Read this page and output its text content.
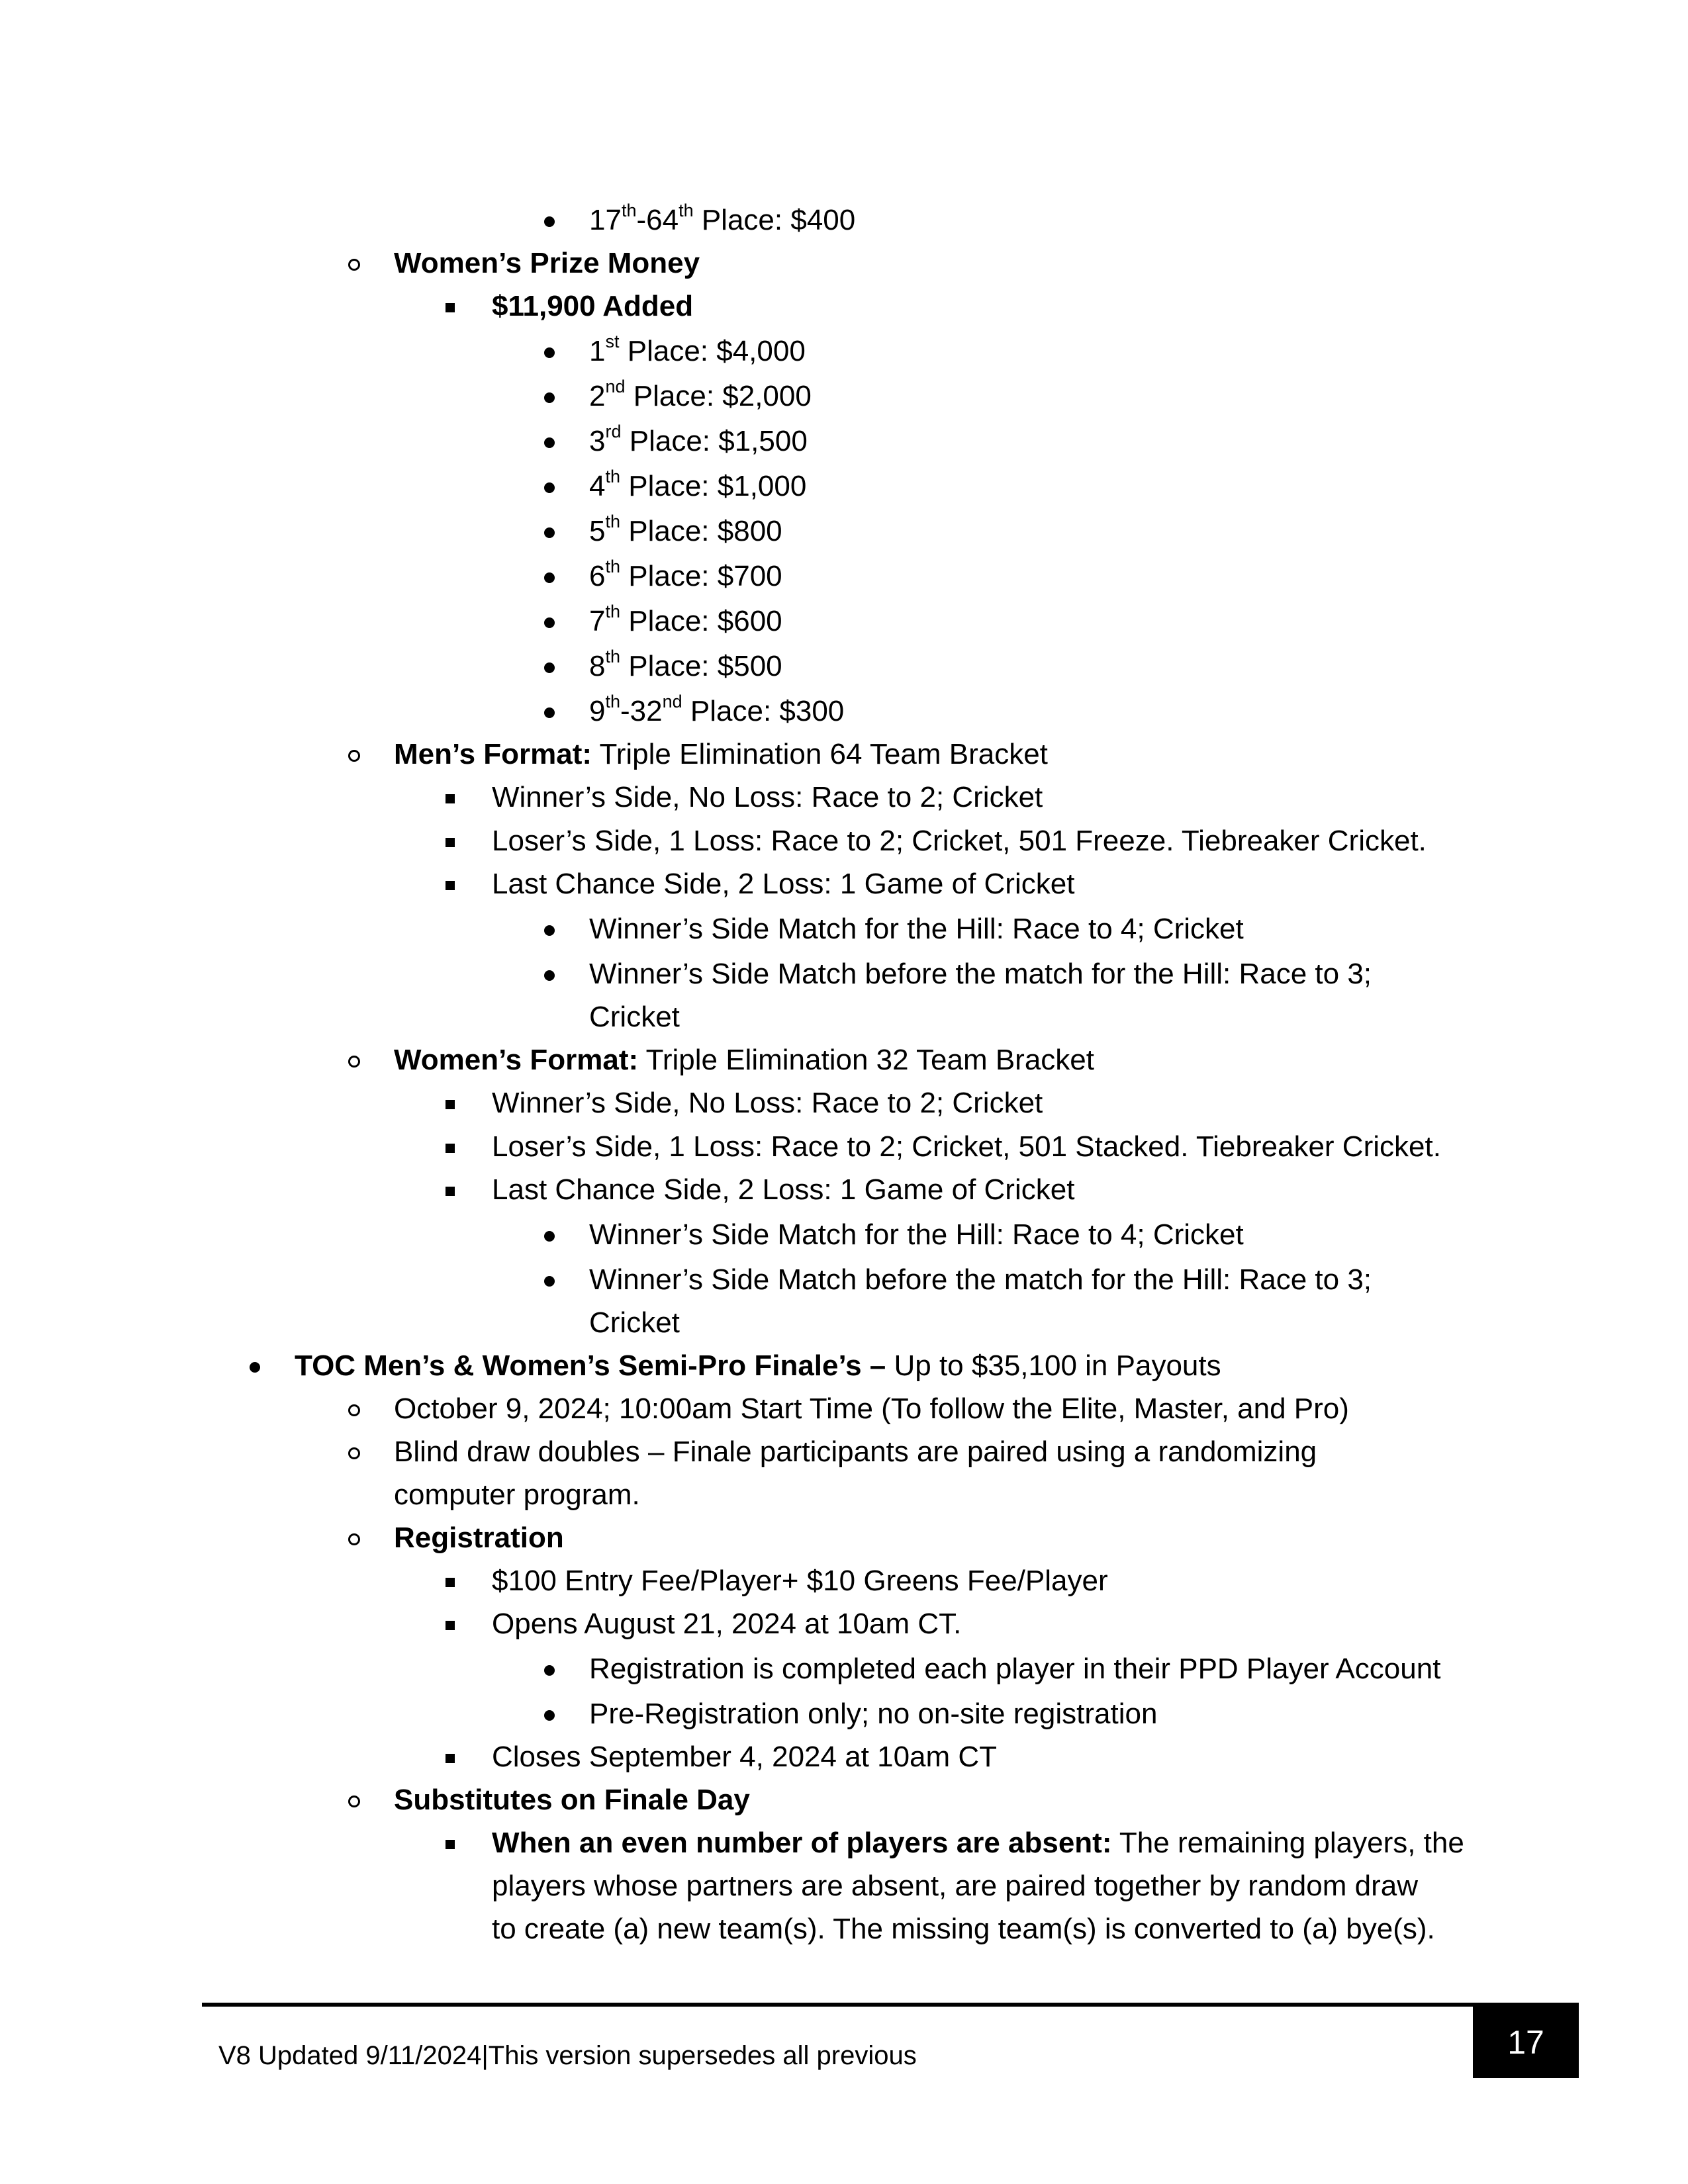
17th-64th Place: $400
Women’s Prize Money
$11,900 Added
1st Place: $4,000
2nd Place: $2,000
3rd Place: $1,500
4th Place: $1,000
5th Place: $800
6th Place: $700
7th Place: $600
8th Place: $500
9th-32nd Place: $300
Men’s Format: Triple Elimination 64 Team Bracket
Winner’s Side, No Loss: Race to 2; Cricket
Loser’s Side, 1 Loss: Race to 2; Cricket, 501 Freeze. Tiebreaker Cricket.
Last Chance Side, 2 Loss: 1 Game of Cricket
Winner’s Side Match for the Hill: Race to 4; Cricket
Winner’s Side Match before the match for the Hill: Race to 3;
Cricket
Women’s Format: Triple Elimination 32 Team Bracket
Winner’s Side, No Loss: Race to 2; Cricket
Loser’s Side, 1 Loss: Race to 2; Cricket, 501 Stacked. Tiebreaker Cricket.
Last Chance Side, 2 Loss: 1 Game of Cricket
Winner’s Side Match for the Hill: Race to 4; Cricket
Winner’s Side Match before the match for the Hill: Race to 3;
Cricket
TOC Men’s & Women’s Semi-Pro Finale’s – Up to $35,100 in Payouts
October 9, 2024; 10:00am Start Time (To follow the Elite, Master, and Pro)
Blind draw doubles – Finale participants are paired using a randomizing
computer program.
Registration
$100 Entry Fee/Player+ $10 Greens Fee/Player
Opens August 21, 2024 at 10am CT.
Registration is completed each player in their PPD Player Account
Pre-Registration only; no on-site registration
Closes September 4, 2024 at 10am CT
Substitutes on Finale Day
When an even number of players are absent: The remaining players, the
players whose partners are absent, are paired together by random draw
to create (a) new team(s). The missing team(s) is converted to (a) bye(s).
V8 Updated 9/11/2024|This version supersedes all previous	17
